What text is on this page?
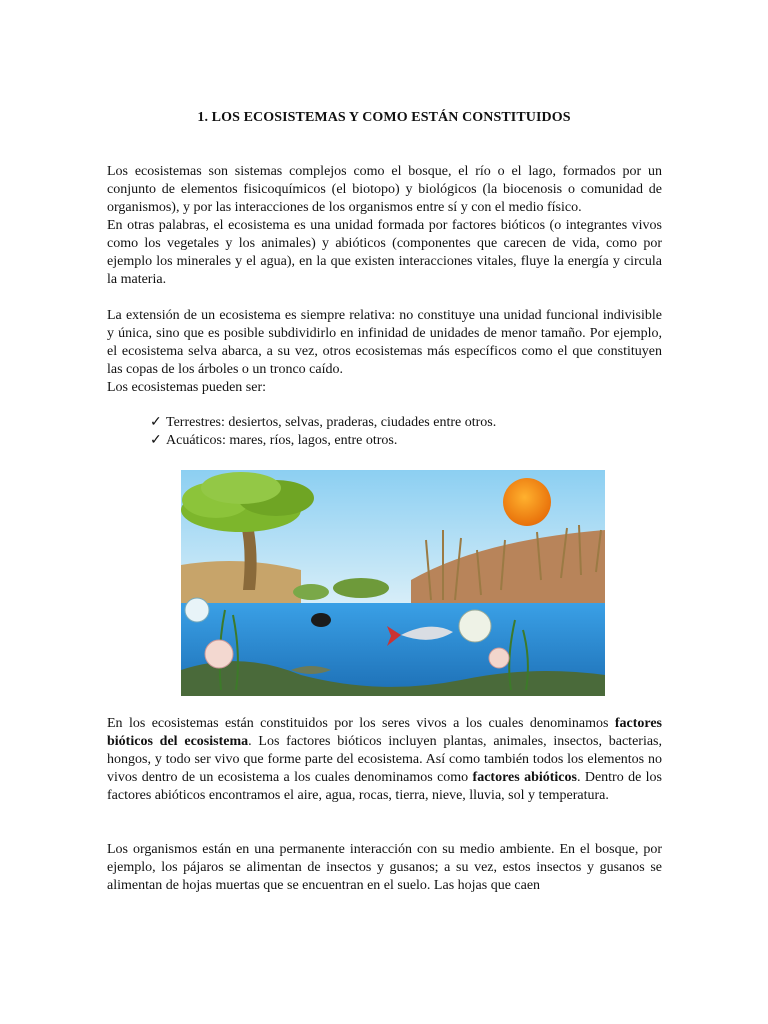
1. LOS ECOSISTEMAS Y COMO ESTÁN CONSTITUIDOS

Los ecosistemas son sistemas complejos como el bosque, el río o el lago, formados por un conjunto de elementos fisicoquímicos (el biotopo) y biológicos (la biocenosis o comunidad de organismos), y por las interacciones de los organismos entre sí y con el medio físico.

En otras palabras, el ecosistema es una unidad formada por factores bióticos (o integrantes vivos como los vegetales y los animales) y abióticos (componentes que carecen de vida, como por ejemplo los minerales y el agua), en la que existen interacciones vitales, fluye la energía y circula la materia.

La extensión de un ecosistema es siempre relativa: no constituye una unidad funcional indivisible y única, sino que es posible subdividirlo en infinidad de unidades de menor tamaño. Por ejemplo, el ecosistema selva abarca, a su vez, otros ecosistemas más específicos como el que constituyen las copas de los árboles o un tronco caído.

Los ecosistemas pueden ser:

✓ Terrestres: desiertos, selvas, praderas, ciudades entre otros.
✓ Acuáticos: mares, ríos, lagos, entre otros.

En los ecosistemas están constituidos por los seres vivos a los cuales denominamos factores bióticos del ecosistema. Los factores bióticos incluyen plantas, animales, insectos, bacterias, hongos, y todo ser vivo que forme parte del ecosistema. Así como también todos los elementos no vivos dentro de un ecosistema a los cuales denominamos como factores abióticos. Dentro de los factores abióticos encontramos el aire, agua, rocas, tierra, nieve, lluvia, sol y temperatura.

Los organismos están en una permanente interacción con su medio ambiente. En el bosque, por ejemplo, los pájaros se alimentan de insectos y gusanos; a su vez, estos insectos y gusanos se alimentan de hojas muertas que se encuentran en el suelo. Las hojas que caen
